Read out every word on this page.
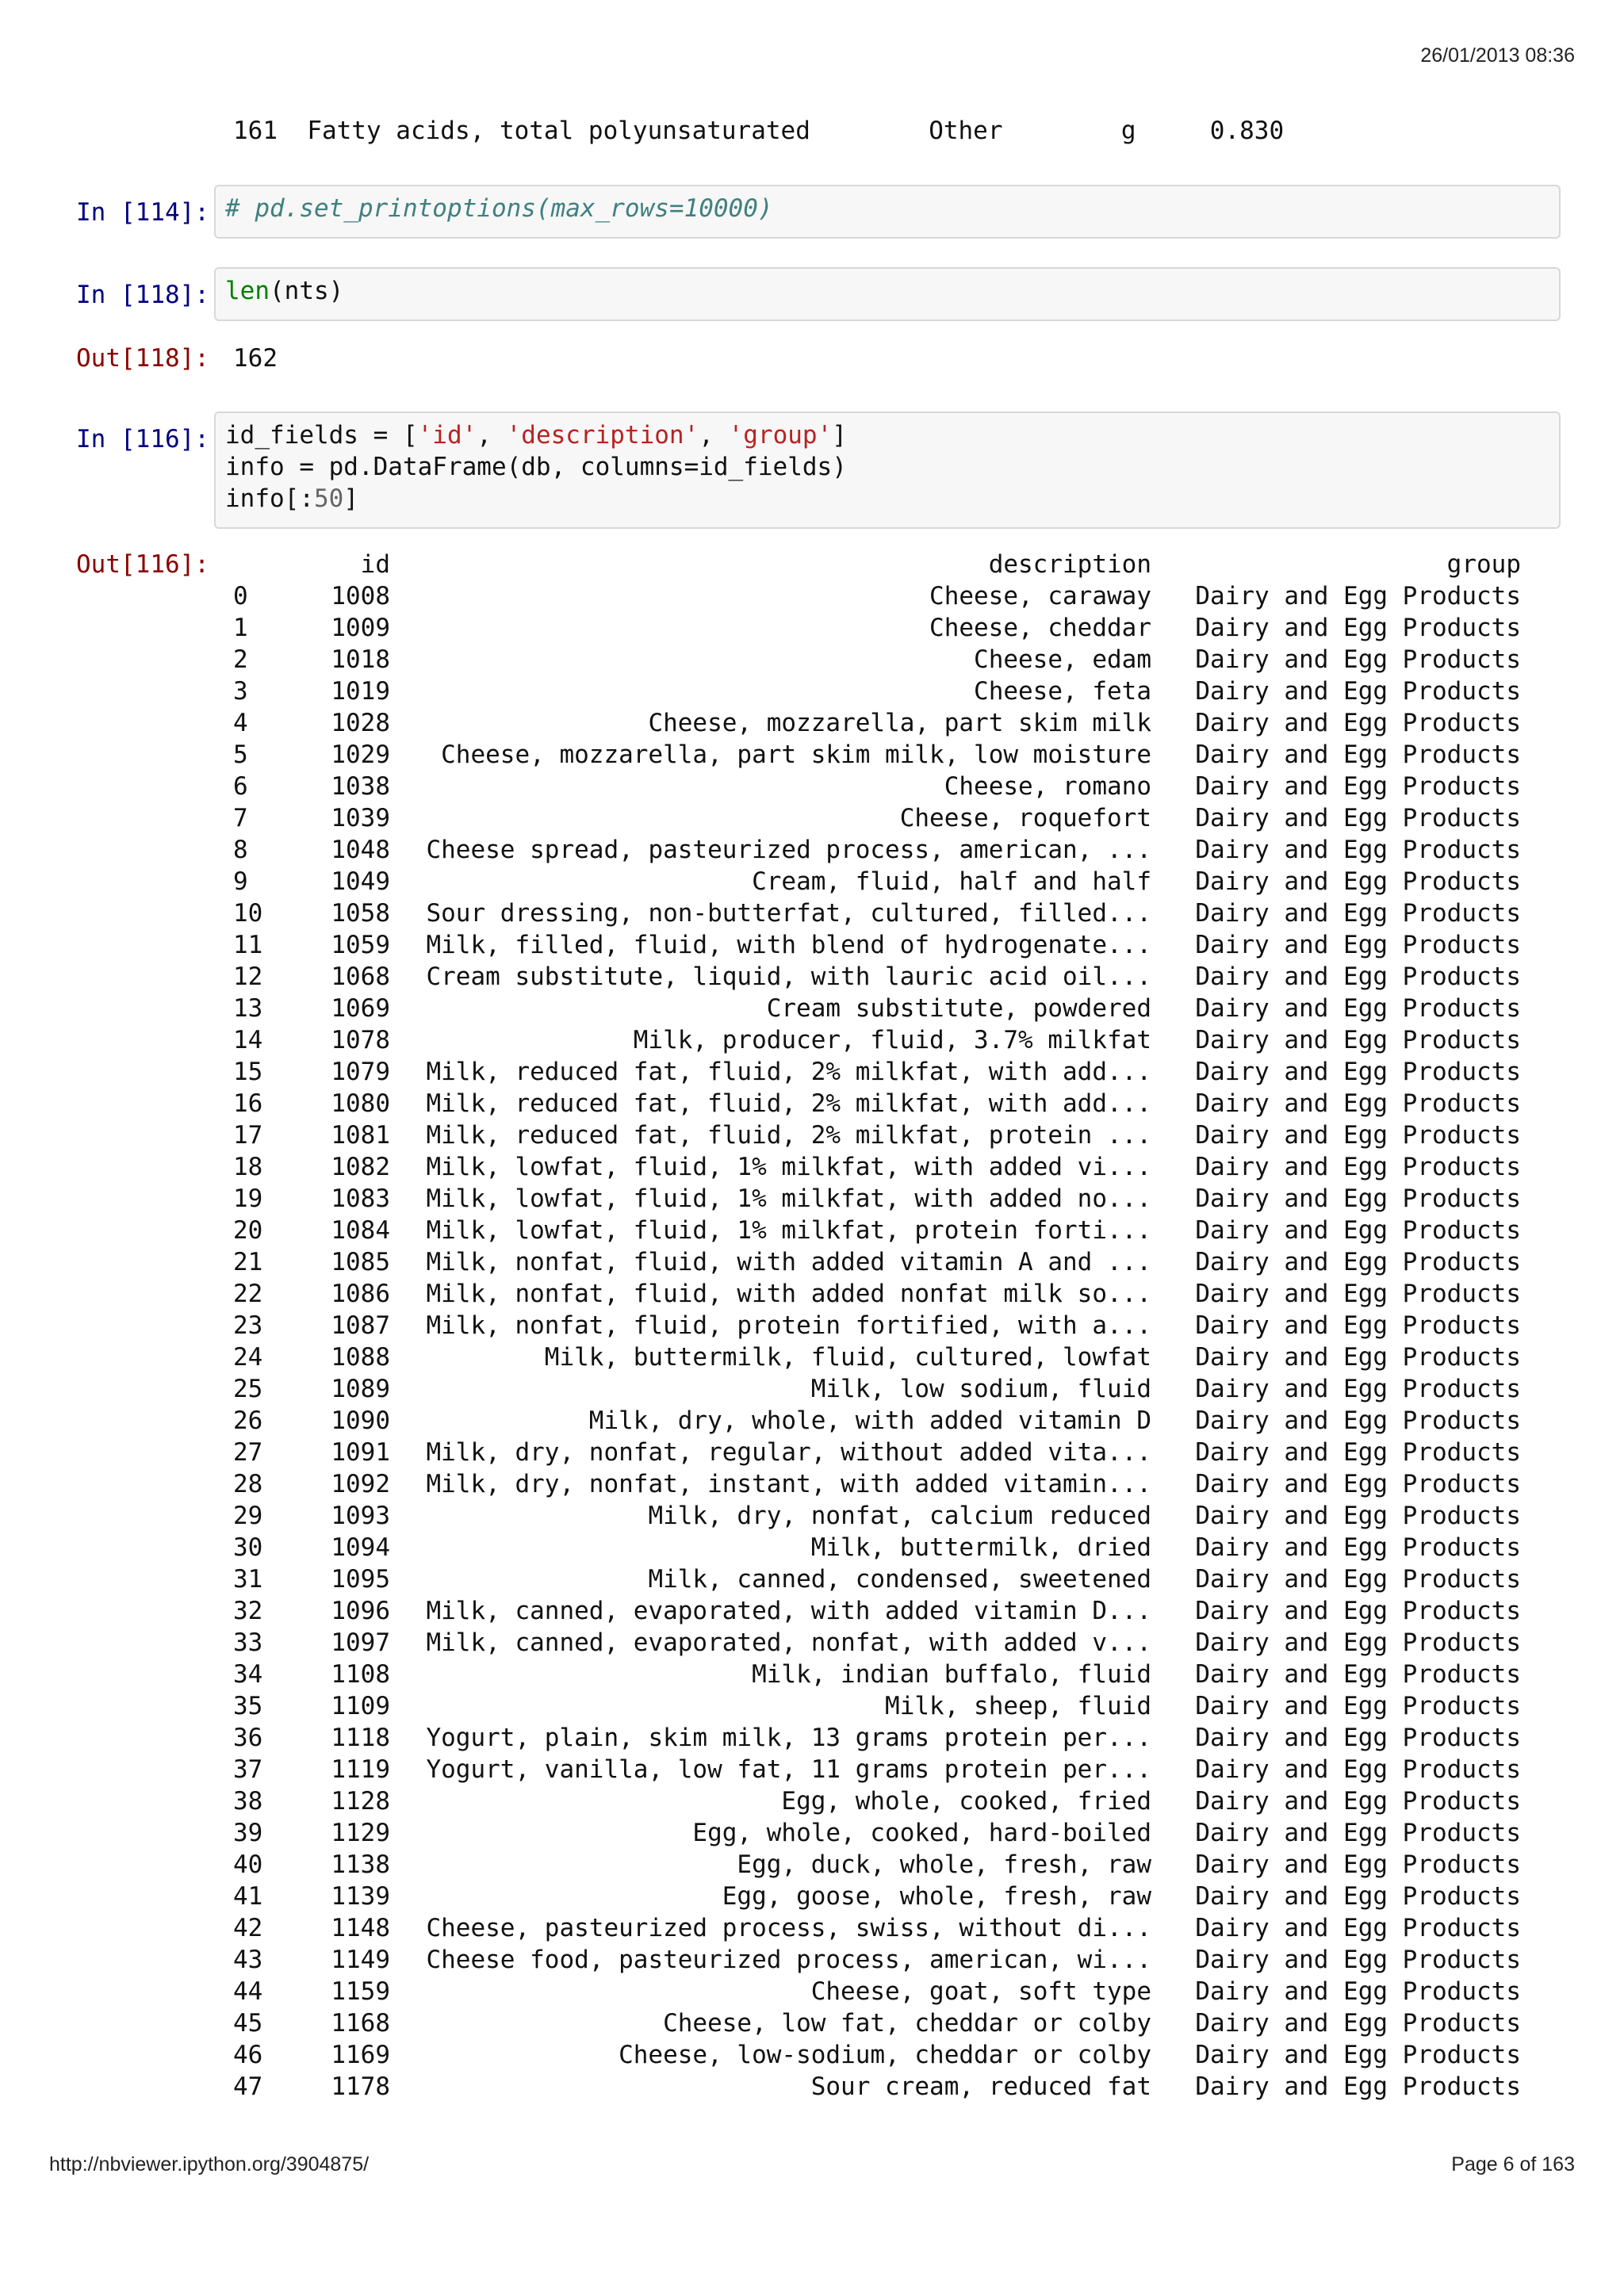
26/01/2013 08:36
161  Fatty acids, total polyunsaturated        Other        g     0.830
In [114]: # pd.set_printoptions(max_rows=10000)
In [118]: len(nts)
Out[118]: 162
In [116]: id_fields = ['id', 'description', 'group']
info = pd.DataFrame(db, columns=id_fields)
info[:50]
Out[116]:
		id	description	group
0	1008	Cheese, caraway	Dairy and Egg Products
1	1009	Cheese, cheddar	Dairy and Egg Products
2	1018	Cheese, edam	Dairy and Egg Products
3	1019	Cheese, feta	Dairy and Egg Products
4	1028	Cheese, mozzarella, part skim milk	Dairy and Egg Products
5	1029	Cheese, mozzarella, part skim milk, low moisture	Dairy and Egg Products
6	1038	Cheese, romano	Dairy and Egg Products
7	1039	Cheese, roquefort	Dairy and Egg Products
8	1048	Cheese spread, pasteurized process, american, ...	Dairy and Egg Products
9	1049	Cream, fluid, half and half	Dairy and Egg Products
10	1058	Sour dressing, non-butterfat, cultured, filled...	Dairy and Egg Products
11	1059	Milk, filled, fluid, with blend of hydrogenate...	Dairy and Egg Products
12	1068	Cream substitute, liquid, with lauric acid oil...	Dairy and Egg Products
13	1069	Cream substitute, powdered	Dairy and Egg Products
14	1078	Milk, producer, fluid, 3.7% milkfat	Dairy and Egg Products
15	1079	Milk, reduced fat, fluid, 2% milkfat, with add...	Dairy and Egg Products
16	1080	Milk, reduced fat, fluid, 2% milkfat, with add...	Dairy and Egg Products
17	1081	Milk, reduced fat, fluid, 2% milkfat, protein ...	Dairy and Egg Products
18	1082	Milk, lowfat, fluid, 1% milkfat, with added vi...	Dairy and Egg Products
19	1083	Milk, lowfat, fluid, 1% milkfat, with added no...	Dairy and Egg Products
20	1084	Milk, lowfat, fluid, 1% milkfat, protein forti...	Dairy and Egg Products
21	1085	Milk, nonfat, fluid, with added vitamin A and ...	Dairy and Egg Products
22	1086	Milk, nonfat, fluid, with added nonfat milk so...	Dairy and Egg Products
23	1087	Milk, nonfat, fluid, protein fortified, with a...	Dairy and Egg Products
24	1088	Milk, buttermilk, fluid, cultured, lowfat	Dairy and Egg Products
25	1089	Milk, low sodium, fluid	Dairy and Egg Products
26	1090	Milk, dry, whole, with added vitamin D	Dairy and Egg Products
27	1091	Milk, dry, nonfat, regular, without added vita...	Dairy and Egg Products
28	1092	Milk, dry, nonfat, instant, with added vitamin...	Dairy and Egg Products
29	1093	Milk, dry, nonfat, calcium reduced	Dairy and Egg Products
30	1094	Milk, buttermilk, dried	Dairy and Egg Products
31	1095	Milk, canned, condensed, sweetened	Dairy and Egg Products
32	1096	Milk, canned, evaporated, with added vitamin D...	Dairy and Egg Products
33	1097	Milk, canned, evaporated, nonfat, with added v...	Dairy and Egg Products
34	1108	Milk, indian buffalo, fluid	Dairy and Egg Products
35	1109	Milk, sheep, fluid	Dairy and Egg Products
36	1118	Yogurt, plain, skim milk, 13 grams protein per...	Dairy and Egg Products
37	1119	Yogurt, vanilla, low fat, 11 grams protein per...	Dairy and Egg Products
38	1128	Egg, whole, cooked, fried	Dairy and Egg Products
39	1129	Egg, whole, cooked, hard-boiled	Dairy and Egg Products
40	1138	Egg, duck, whole, fresh, raw	Dairy and Egg Products
41	1139	Egg, goose, whole, fresh, raw	Dairy and Egg Products
42	1148	Cheese, pasteurized process, swiss, without di...	Dairy and Egg Products
43	1149	Cheese food, pasteurized process, american, wi...	Dairy and Egg Products
44	1159	Cheese, goat, soft type	Dairy and Egg Products
45	1168	Cheese, low fat, cheddar or colby	Dairy and Egg Products
46	1169	Cheese, low-sodium, cheddar or colby	Dairy and Egg Products
47	1178	Sour cream, reduced fat	Dairy and Egg Products
http://nbviewer.ipython.org/3904875/	Page 6 of 163
